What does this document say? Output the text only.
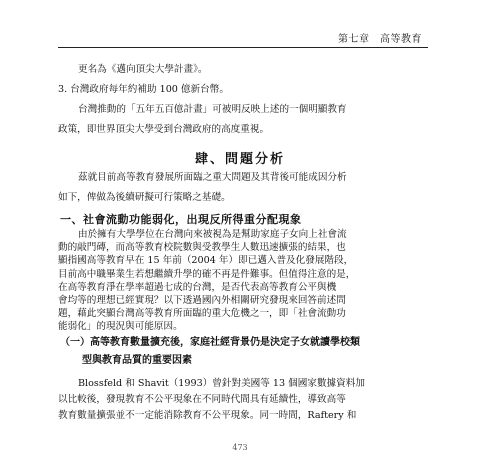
第七章　高等教育
更名為《邁向頂尖大學計畫》。
3. 台灣政府每年約補助 100 億新台幣。
台灣推動的「五年五百億計畫」可被明反映上述的一個明顯教育
政策，即世界頂尖大學受到台灣政府的高度重視。
肆、問題分析
茲就目前高等教育發展所面臨之重大問題及其背後可能成因分析
如下，俾做為後續研擬可行策略之基礎。
一、社會流動功能弱化，出現反所得重分配現象
由於擁有大學學位在台灣向來被視為是幫助家庭子女向上社會流
動的敲門磚，而高等教育校院數與受教學生人數迅速擴張的結果，也
顯指國高等教育早在 15 年前（2004 年）即已邁入普及化發展階段，
目前高中職畢業生若想繼續升學的確不再是件難事。但值得注意的是，
在高等教育淨在學率超過七成的台灣，是否代表高等教育公平與機
會均等的理想已經實現？以下透過國內外相關研究發現來回答前述問
題，藉此突顯台灣高等教育所面臨的重大危機之一，即「社會流動功
能弱化」的現況與可能原因。
（一）高等教育數量擴充後，家庭社經背景仍是決定子女就讀學校類
型與教育品質的重要因素
Blossfeld 和 Shavit（1993）曾針對美國等 13 個國家數據資料加
以比較後，發現教育不公平現象在不同時代間具有延續性，導致高等
教育數量擴張並不一定能消除教育不公平現象。同一時間，Raftery 和
473
